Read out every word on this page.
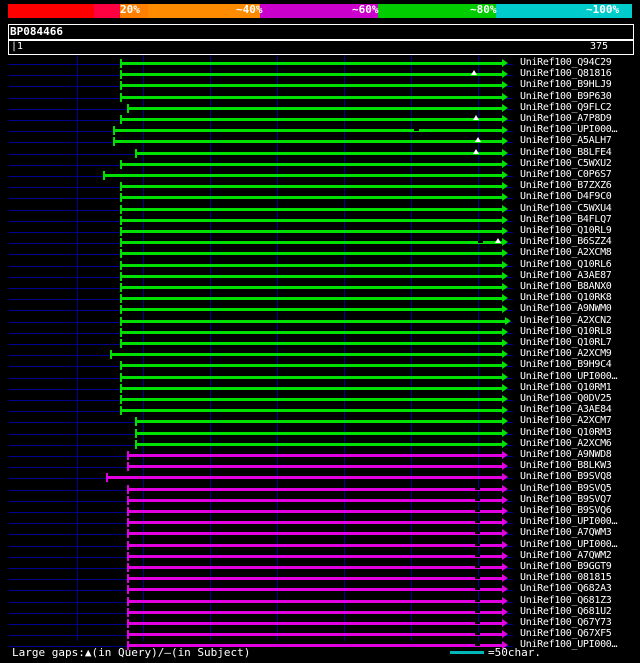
20%	~40%	~60%	~80%	~100%
BP084466
|1	375
UniRef100_Q94C29
UniRef100_Q81816
UniRef100_B9HLJ9
UniRef100_B9P630
UniRef100_Q9FLC2
UniRef100_A7P8D9
UniRef100_UPI000…
UniRef100_A5ALH7
UniRef100_B8LFE4
UniRef100_C5WXU2
UniRef100_C0P6S7
UniRef100_B7ZXZ6
UniRef100_D4F9C0
UniRef100_C5WXU4
UniRef100_B4FLQ7
UniRef100_Q10RL9
UniRef100_B6SZZ4
UniRef100_A2XCM8
UniRef100_Q10RL6
UniRef100_A3AE87
UniRef100_B8ANX0
UniRef100_Q10RK8
UniRef100_A9NWM0
UniRef100_A2XCN2
UniRef100_Q10RL8
UniRef100_Q10RL7
UniRef100_A2XCM9
UniRef100_B9H9C4
UniRef100_UPI000…
UniRef100_Q10RM1
UniRef100_Q0DV25
UniRef100_A3AE84
UniRef100_A2XCM7
UniRef100_Q10RM3
UniRef100_A2XCM6
UniRef100_A9NWD8
UniRef100_B8LKW3
UniRef100_B9SVQ8
UniRef100_B9SVQ5
UniRef100_B9SVQ7
UniRef100_B9SVQ6
UniRef100_UPI000…
UniRef100_A7QWM3
UniRef100_UPI000…
UniRef100_A7QWM2
UniRef100_B9GGT9
UniRef100_081815
UniRef100_Q682A3
UniRef100_Q681Z3
UniRef100_Q681U2
UniRef100_Q67Y73
UniRef100_Q67XF5
UniRef100_UPI000…
Large gaps:▲(in Query)/–(in Subject)	=50char.
